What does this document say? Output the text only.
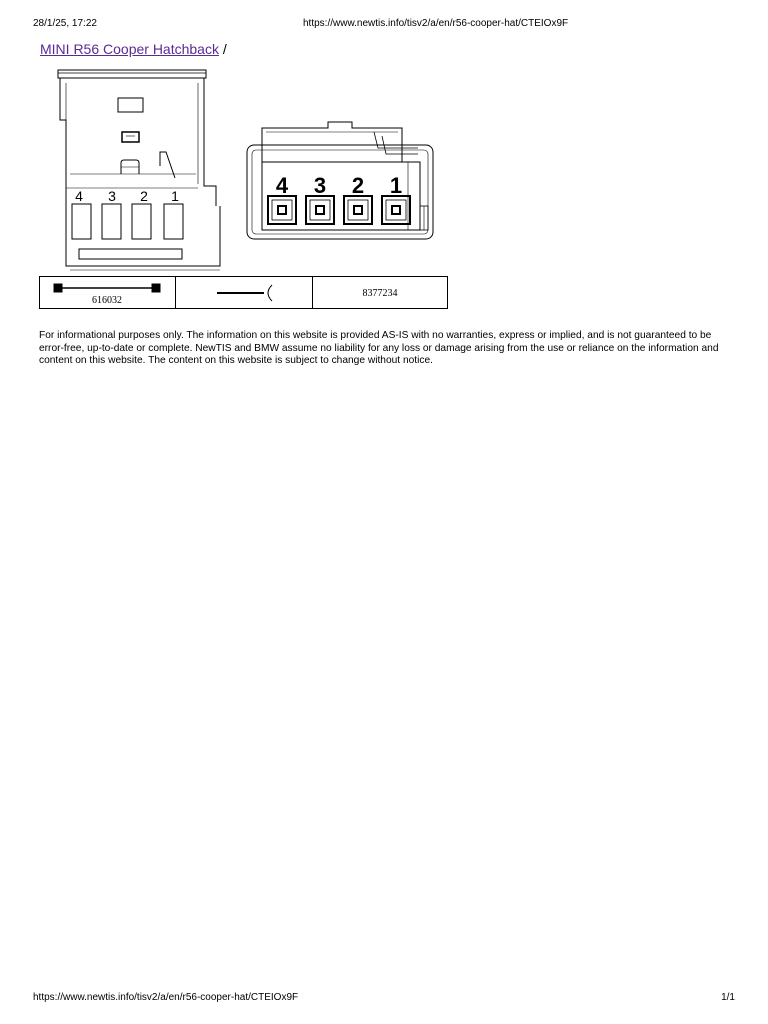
28/1/25, 17:22	https://www.newtis.info/tisv2/a/en/r56-cooper-hat/CTEIOx9F
MINI R56 Cooper Hatchback /
4 3 2 1	4 3 2 1
616032
8377234
For informational purposes only. The information on this website is provided AS-IS with no warranties, express or implied, and is not guaranteed to be error-free, up-to-date or complete. NewTIS and BMW assume no liability for any loss or damage arising from the use or reliance on the information and content on this website. The content on this website is subject to change without notice.
https://www.newtis.info/tisv2/a/en/r56-cooper-hat/CTEIOx9F	1/1
